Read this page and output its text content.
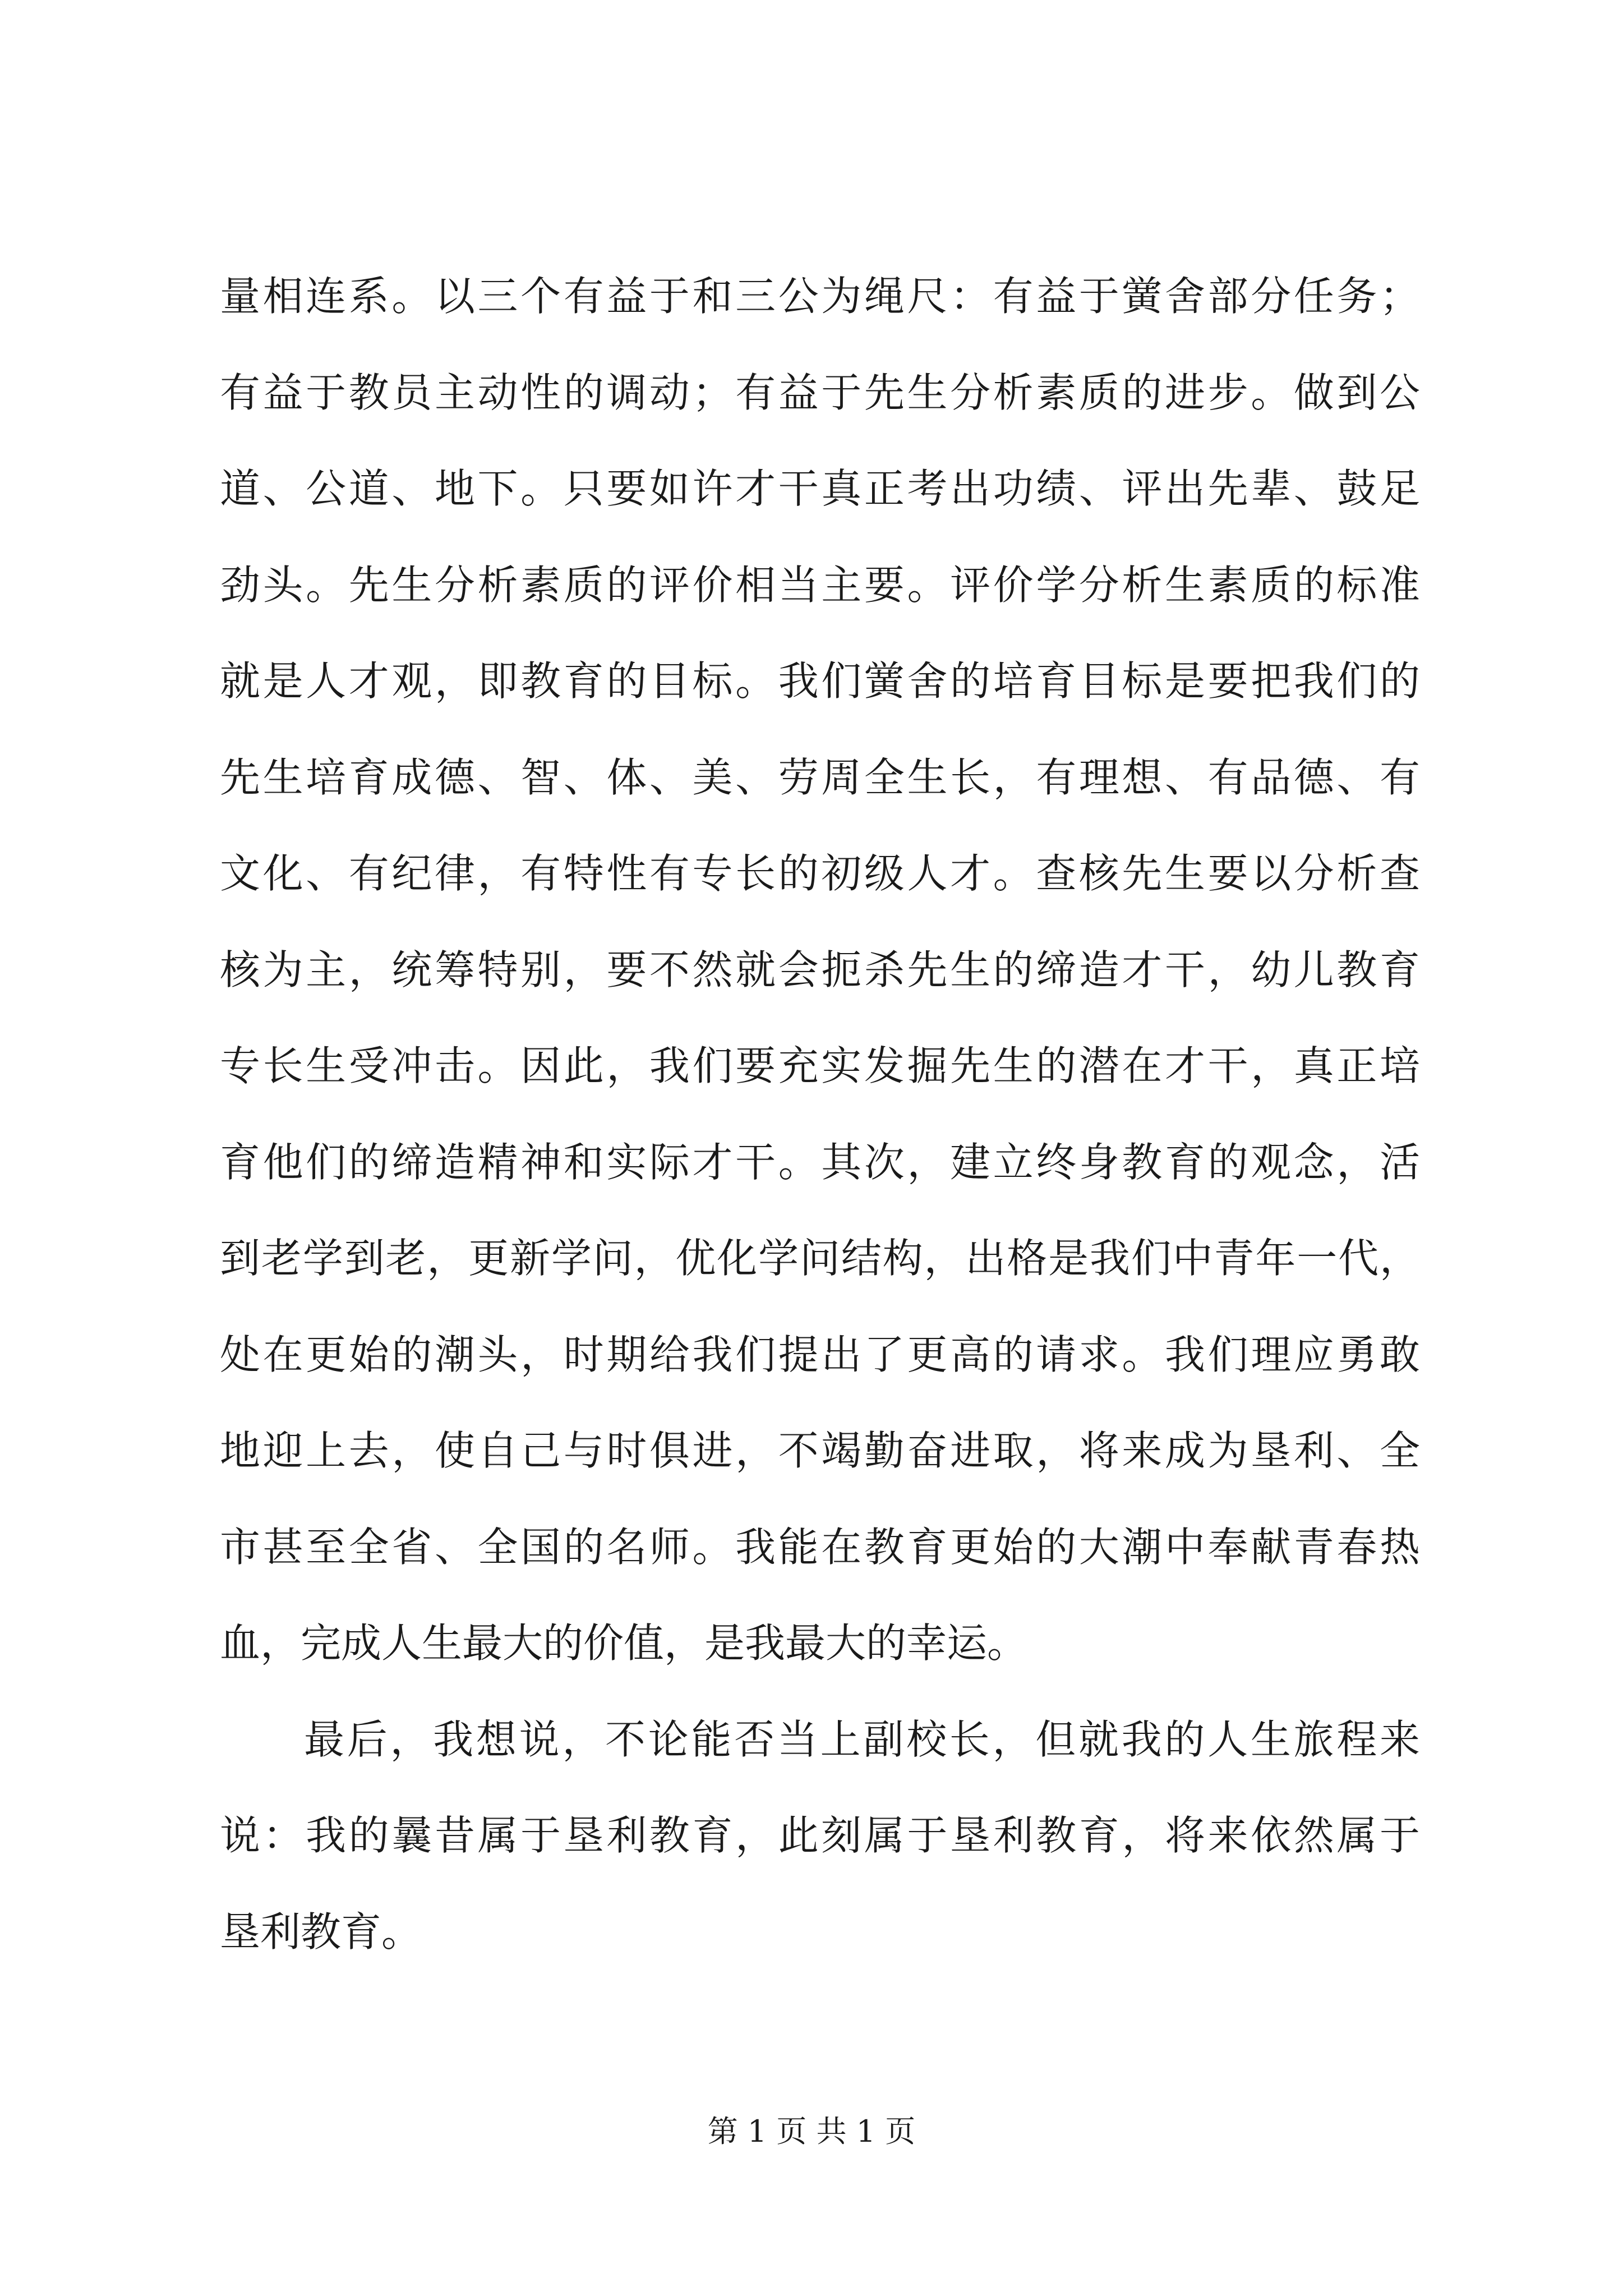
量相连系。以三个有益于和三公为绳尺：有益于黉舍部分任务；
有益于教员主动性的调动；有益于先生分析素质的进步。做到公
道、公道、地下。只要如许才干真正考出功绩、评出先辈、鼓足
劲头。先生分析素质的评价相当主要。评价学分析生素质的标准
就是人才观，即教育的目标。我们黉舍的培育目标是要把我们的
先生培育成德、智、体、美、劳周全生长，有理想、有品德、有
文化、有纪律，有特性有专长的初级人才。查核先生要以分析查
核为主，统筹特别，要不然就会扼杀先生的缔造才干，幼儿教育
专长生受冲击。因此，我们要充实发掘先生的潜在才干，真正培
育他们的缔造精神和实际才干。其次，建立终身教育的观念，活
到老学到老，更新学问，优化学问结构，出格是我们中青年一代，
处在更始的潮头，时期给我们提出了更高的请求。我们理应勇敢
地迎上去，使自己与时俱进，不竭勤奋进取，将来成为垦利、全
市甚至全省、全国的名师。我能在教育更始的大潮中奉献青春热
血，完成人生最大的价值，是我最大的幸运。
最后，我想说，不论能否当上副校长，但就我的人生旅程来
说：我的曩昔属于垦利教育，此刻属于垦利教育，将来依然属于
垦利教育。
第 1 页 共 1 页
